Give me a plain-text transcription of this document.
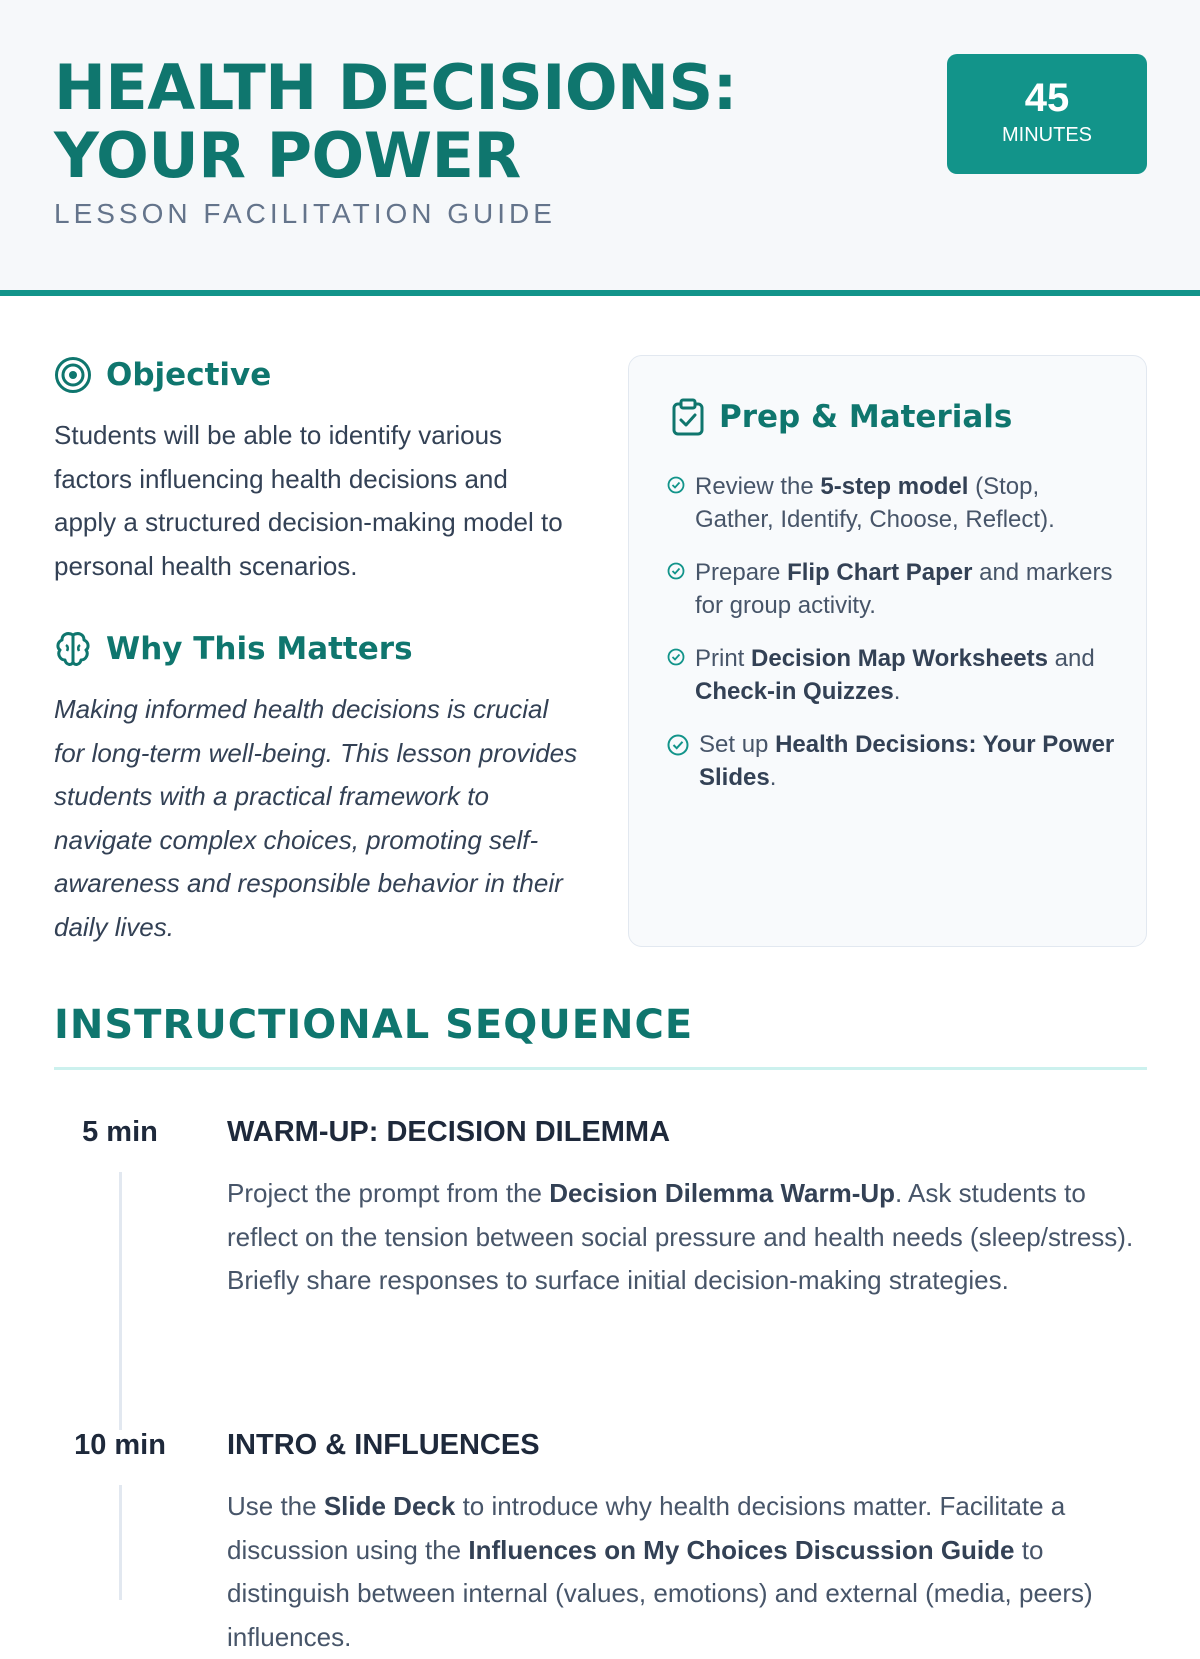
HEALTH DECISIONS: YOUR POWER

LESSON FACILITATION GUIDE

45
MINUTES
Objective

Students will be able to identify various factors influencing health decisions and apply a structured decision-making model to personal health scenarios.

Why This Matters

Making informed health decisions is crucial for long-term well-being. This lesson provides students with a practical framework to navigate complex choices, promoting self-awareness and responsible behavior in their daily lives.

Prep & Materials
Review the 5-step model (Stop, Gather, Identify, Choose, Reflect).
Prepare Flip Chart Paper and markers for group activity.
Print Decision Map Worksheets and Check-in Quizzes.
Set up Health Decisions: Your Power Slides.
INSTRUCTIONAL SEQUENCE
5 min	WARM-UP: DECISION DILEMMA

Project the prompt from the Decision Dilemma Warm-Up. Ask students to reflect on the tension between social pressure and health needs (sleep/stress). Briefly share responses to surface initial decision-making strategies.

10 min	INTRO & INFLUENCES

Use the Slide Deck to introduce why health decisions matter. Facilitate a discussion using the Influences on My Choices Discussion Guide to distinguish between internal (values, emotions) and external (media, peers) influences.
